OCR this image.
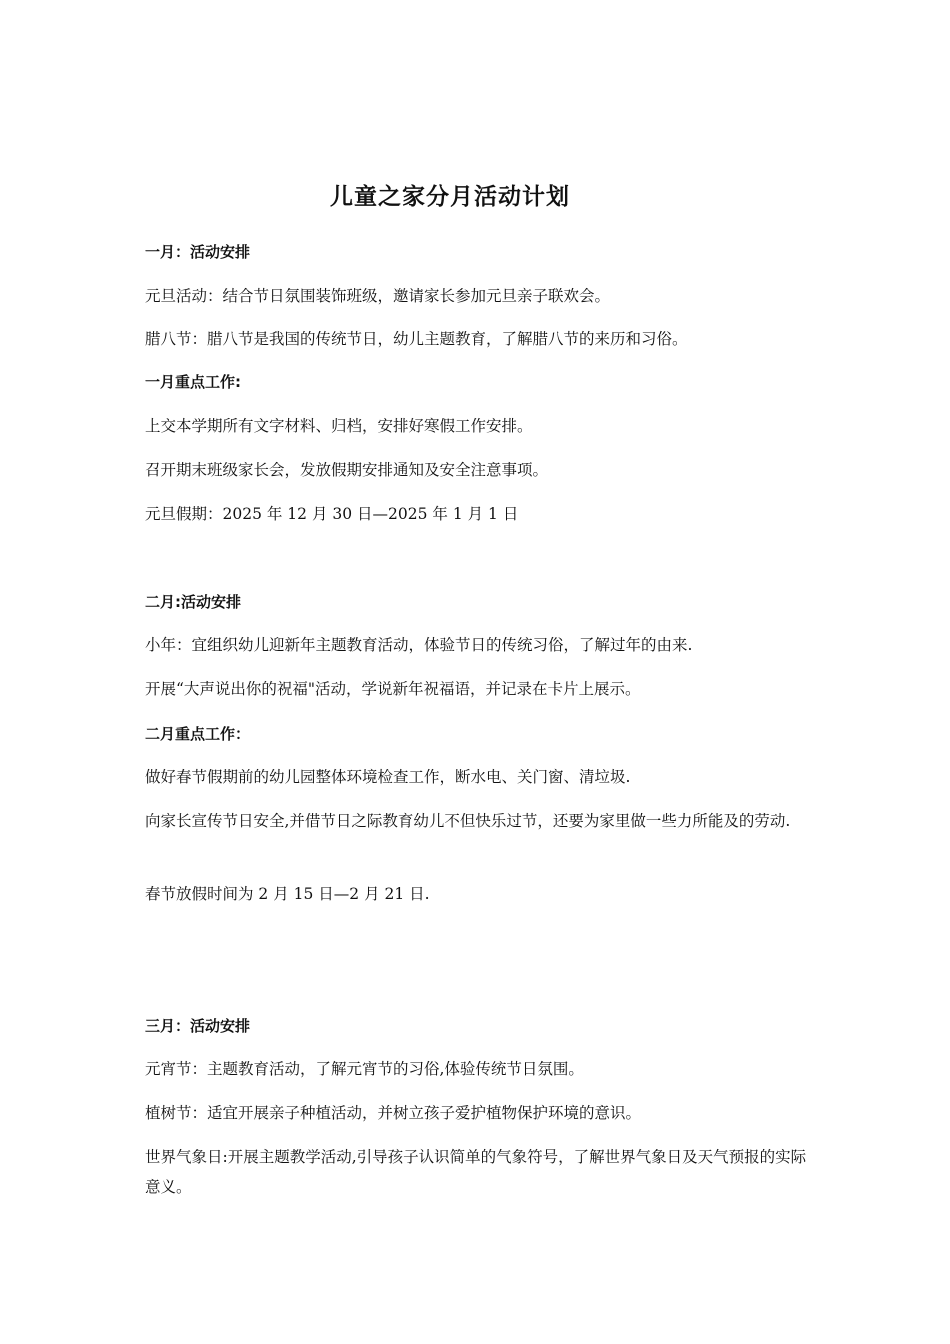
儿童之家分月活动计划
一月：活动安排
元旦活动：结合节日氛围装饰班级，邀请家长参加元旦亲子联欢会。
腊八节：腊八节是我国的传统节日，幼儿主题教育，了解腊八节的来历和习俗。
一月重点工作:
上交本学期所有文字材料、归档，安排好寒假工作安排。
召开期末班级家长会，发放假期安排通知及安全注意事项。
元旦假期：2025 年 12 月 30 日—2025 年 1 月 1 日
二月:活动安排
小年：宜组织幼儿迎新年主题教育活动，体验节日的传统习俗，了解过年的由来.
开展“大声说出你的祝福"活动，学说新年祝福语，并记录在卡片上展示。
二月重点工作：
做好春节假期前的幼儿园整体环境检查工作，断水电、关门窗、清垃圾.
向家长宣传节日安全,并借节日之际教育幼儿不但快乐过节，还要为家里做一些力所能及的劳动.
春节放假时间为 2 月 15 日—2 月 21 日.
三月：活动安排
元宵节：主题教育活动，了解元宵节的习俗,体验传统节日氛围。
植树节：适宜开展亲子种植活动，并树立孩子爱护植物保护环境的意识。
世界气象日:开展主题教学活动,引导孩子认识简单的气象符号，了解世界气象日及天气预报的实际意义。
